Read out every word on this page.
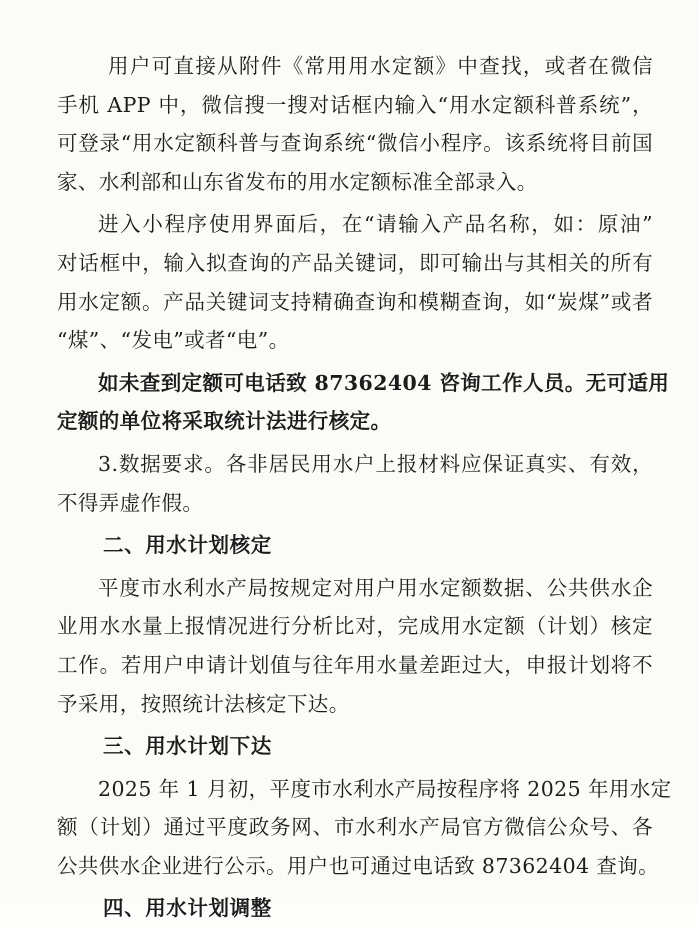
用户可直接从附件《常用用水定额》中查找，或者在微信
手机 APP 中，微信搜一搜对话框内输入“用水定额科普系统”，
可登录“用水定额科普与查询系统“微信小程序。该系统将目前国
家、水利部和山东省发布的用水定额标准全部录入。
进入小程序使用界面后，在“请输入产品名称，如：原油”
对话框中，输入拟查询的产品关键词，即可输出与其相关的所有
用水定额。产品关键词支持精确查询和模糊查询，如“炭煤”或者
“煤”、“发电”或者“电”。
如未查到定额可电话致 87362404 咨询工作人员。无可适用
定额的单位将采取统计法进行核定。
3.数据要求。各非居民用水户上报材料应保证真实、有效，
不得弄虚作假。
二、用水计划核定
平度市水利水产局按规定对用户用水定额数据、公共供水企
业用水水量上报情况进行分析比对，完成用水定额（计划）核定
工作。若用户申请计划值与往年用水量差距过大，申报计划将不
予采用，按照统计法核定下达。
三、用水计划下达
2025 年 1 月初，平度市水利水产局按程序将 2025 年用水定
额（计划）通过平度政务网、市水利水产局官方微信公众号、各
公共供水企业进行公示。用户也可通过电话致 87362404 查询。
四、用水计划调整
